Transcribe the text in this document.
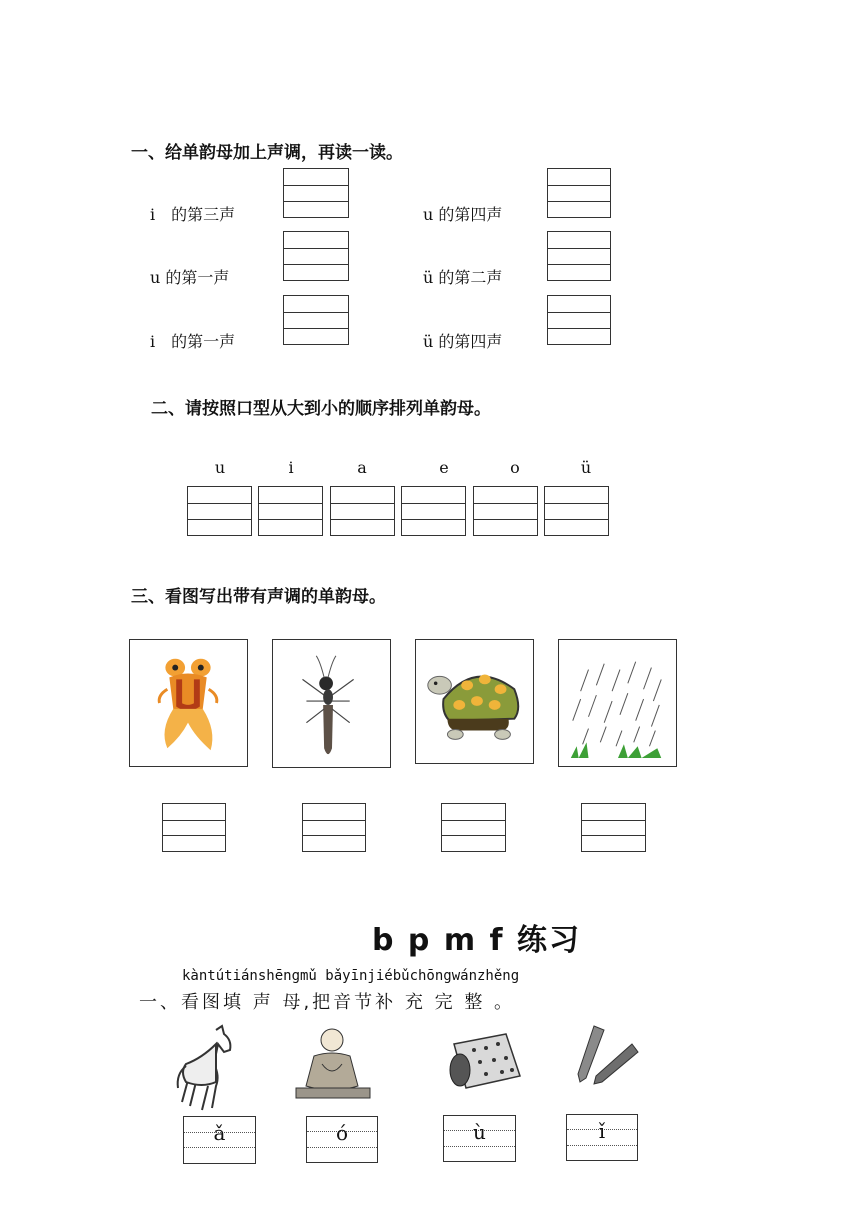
一、给单韵母加上声调，再读一读。
i　的第三声	u 的第四声
u 的第一声	ü 的第二声
i　的第一声	ü 的第四声
二、请按照口型从大到小的顺序排列单韵母。
u	i	a	e	o	ü
三、看图写出带有声调的单韵母。
b p m f 练习
kàntútiánshēngmǔ bǎyīnjiébǔchōngwánzhěng
一、看图填 声 母,把音节补 充 完 整 。
ǎ	ó	ù	ǐ
